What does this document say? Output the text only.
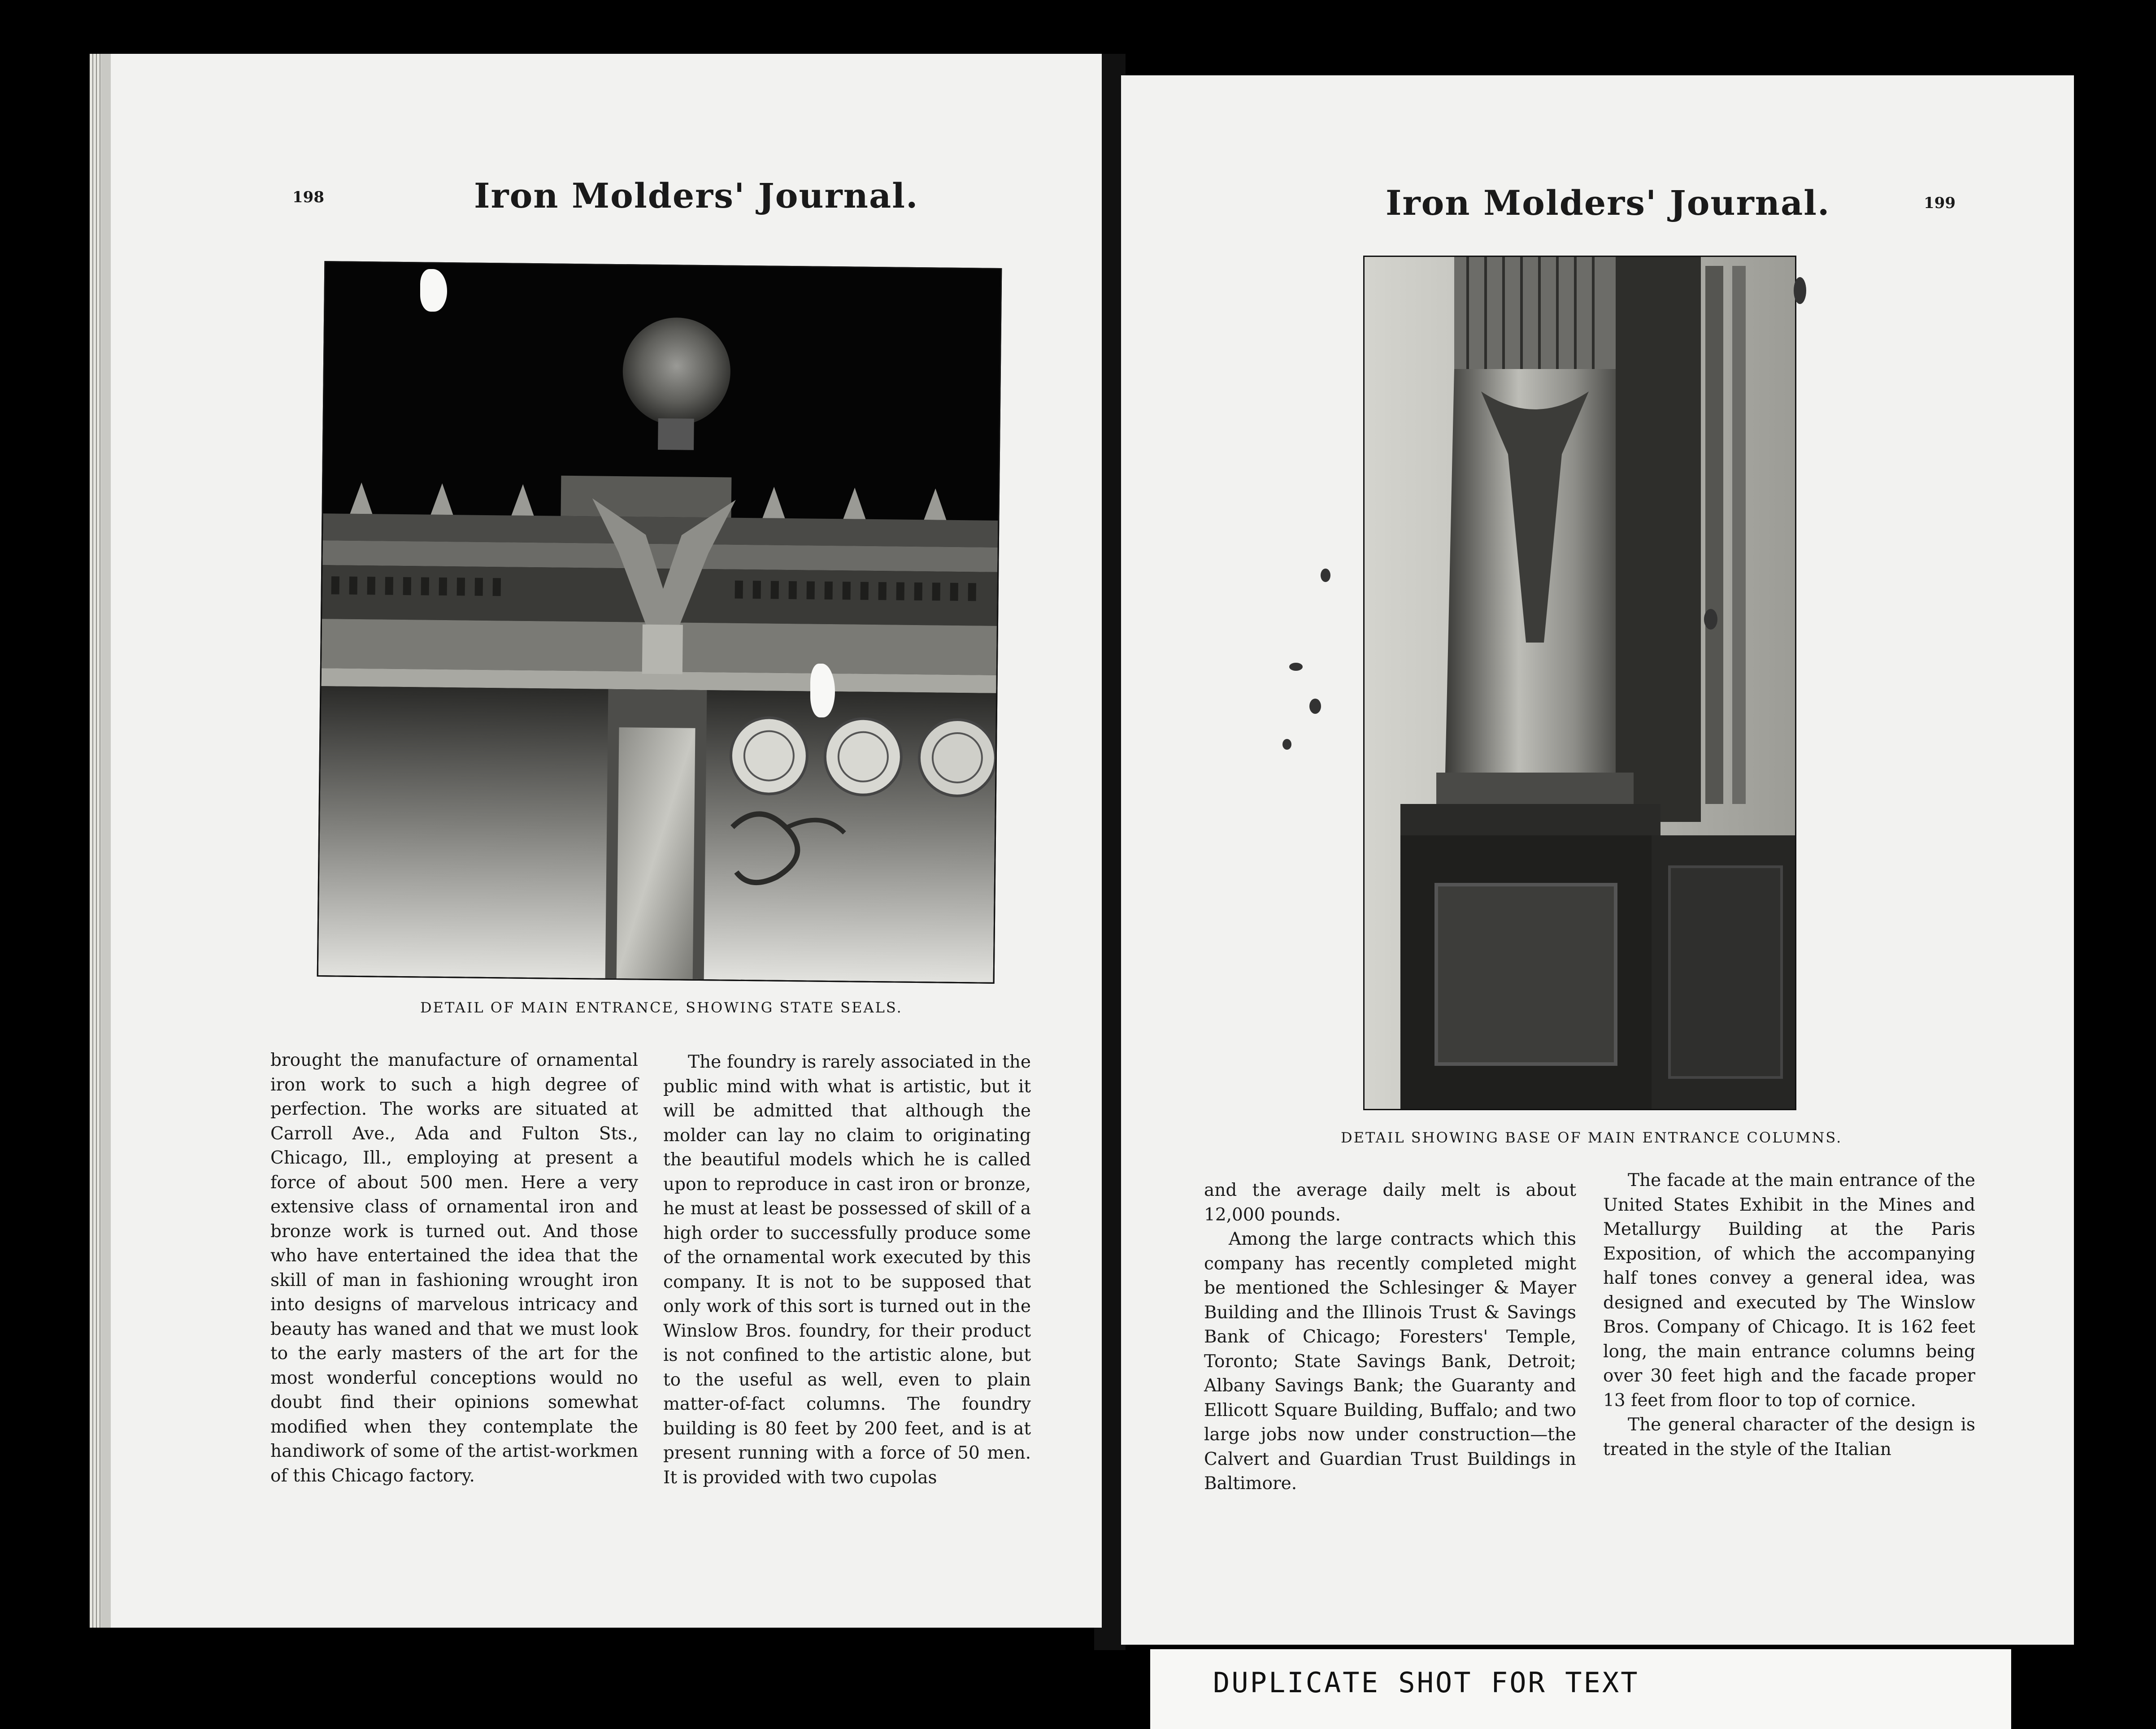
198	Iron Molders' Journal.
DETAIL OF MAIN ENTRANCE, SHOWING STATE SEALS.

brought the manufacture of ornamental iron work to such a high degree of perfection. The works are situated at Carroll Ave., Ada and Fulton Sts., Chicago, Ill., employing at present a force of about 500 men. Here a very extensive class of ornamental iron and bronze work is turned out. And those who have entertained the idea that the skill of man in fashioning wrought iron into designs of marvelous intricacy and beauty has waned and that we must look to the early masters of the art for the most wonderful conceptions would no doubt find their opinions somewhat modified when they contemplate the handiwork of some of the artist-workmen of this Chicago factory.

The foundry is rarely associated in the public mind with what is artistic, but it will be admitted that although the molder can lay no claim to originating the beautiful models which he is called upon to reproduce in cast iron or bronze, he must at least be possessed of skill of a high order to successfully produce some of the ornamental work executed by this company. It is not to be supposed that only work of this sort is turned out in the Winslow Bros. foundry, for their product is not confined to the artistic alone, but to the useful as well, even to plain matter-of-fact columns. The foundry building is 80 feet by 200 feet, and is at present running with a force of 50 men. It is provided with two cupolas

Iron Molders' Journal.	199
DETAIL SHOWING BASE OF MAIN ENTRANCE COLUMNS.

and the average daily melt is about 12,000 pounds.

Among the large contracts which this company has recently completed might be mentioned the Schlesinger & Mayer Building and the Illinois Trust & Savings Bank of Chicago; Foresters' Temple, Toronto; State Savings Bank, Detroit; Albany Savings Bank; the Guaranty and Ellicott Square Building, Buffalo; and two large jobs now under construction—the Calvert and Guardian Trust Buildings in Baltimore.

The facade at the main entrance of the United States Exhibit in the Mines and Metallurgy Building at the Paris Exposition, of which the accompanying half tones convey a general idea, was designed and executed by The Winslow Bros. Company of Chicago. It is 162 feet long, the main entrance columns being over 30 feet high and the facade proper 13 feet from floor to top of cornice.

The general character of the design is treated in the style of the Italian

DUPLICATE SHOT FOR TEXT
